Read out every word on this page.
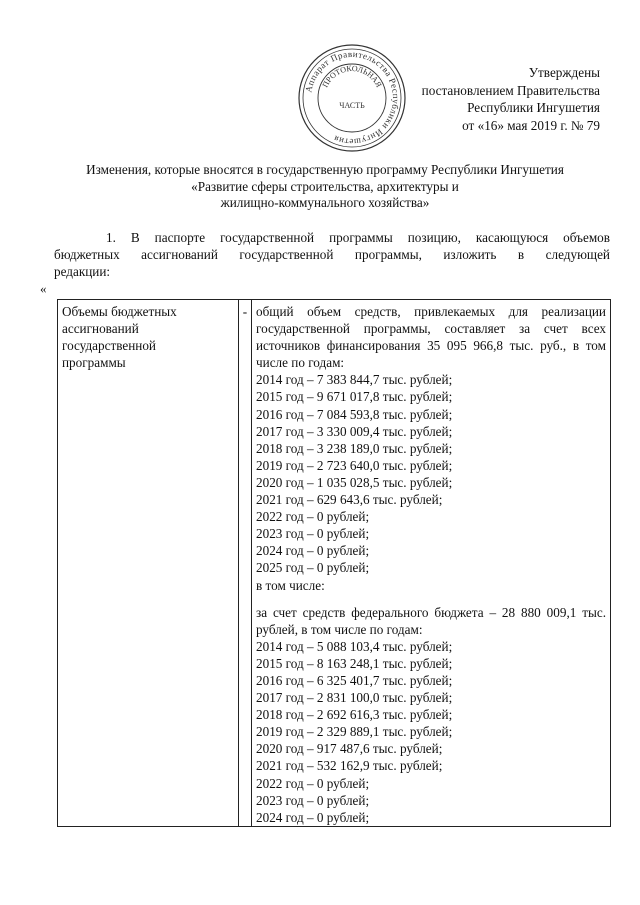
Аппарат Правительства Республики Ингушетия
ПРОТОКОЛЬНАЯ
ЧАСТЬ
Утверждены
постановлением Правительства
Республики Ингушетия
от «16» мая 2019 г. № 79
Изменения, которые вносятся в государственную программу Республики Ингушетия
«Развитие сферы строительства, архитектуры и
жилищно-коммунального хозяйства»
1. В паспорте государственной программы позицию, касающуюся объемов
бюджетных ассигнований государственной программы, изложить в следующей
редакции:
«
Объемы бюджетных
ассигнований
государственной
программы
	-	общий объем средств, привлекаемых для реализации государственной программы, составляет за счет всех источников финансирования 35 095 966,8 тыс. руб., в том числе по годам:
2014 год – 7 383 844,7 тыс. рублей;
2015 год – 9 671 017,8 тыс. рублей;
2016 год – 7 084 593,8 тыс. рублей;
2017 год – 3 330 009,4 тыс. рублей;
2018 год – 3 238 189,0 тыс. рублей;
2019 год – 2 723 640,0 тыс. рублей;
2020 год – 1 035 028,5 тыс. рублей;
2021 год – 629 643,6 тыс. рублей;
2022 год – 0 рублей;
2023 год – 0 рублей;
2024 год – 0 рублей;
2025 год – 0 рублей;
в том числе:
за счет средств федерального бюджета – 28 880 009,1 тыс. рублей, в том числе по годам:
2014 год – 5 088 103,4 тыс. рублей;
2015 год – 8 163 248,1 тыс. рублей;
2016 год – 6 325 401,7 тыс. рублей;
2017 год – 2 831 100,0 тыс. рублей;
2018 год – 2 692 616,3 тыс. рублей;
2019 год – 2 329 889,1 тыс. рублей;
2020 год – 917 487,6 тыс. рублей;
2021 год – 532 162,9 тыс. рублей;
2022 год – 0 рублей;
2023 год – 0 рублей;
2024 год – 0 рублей;
